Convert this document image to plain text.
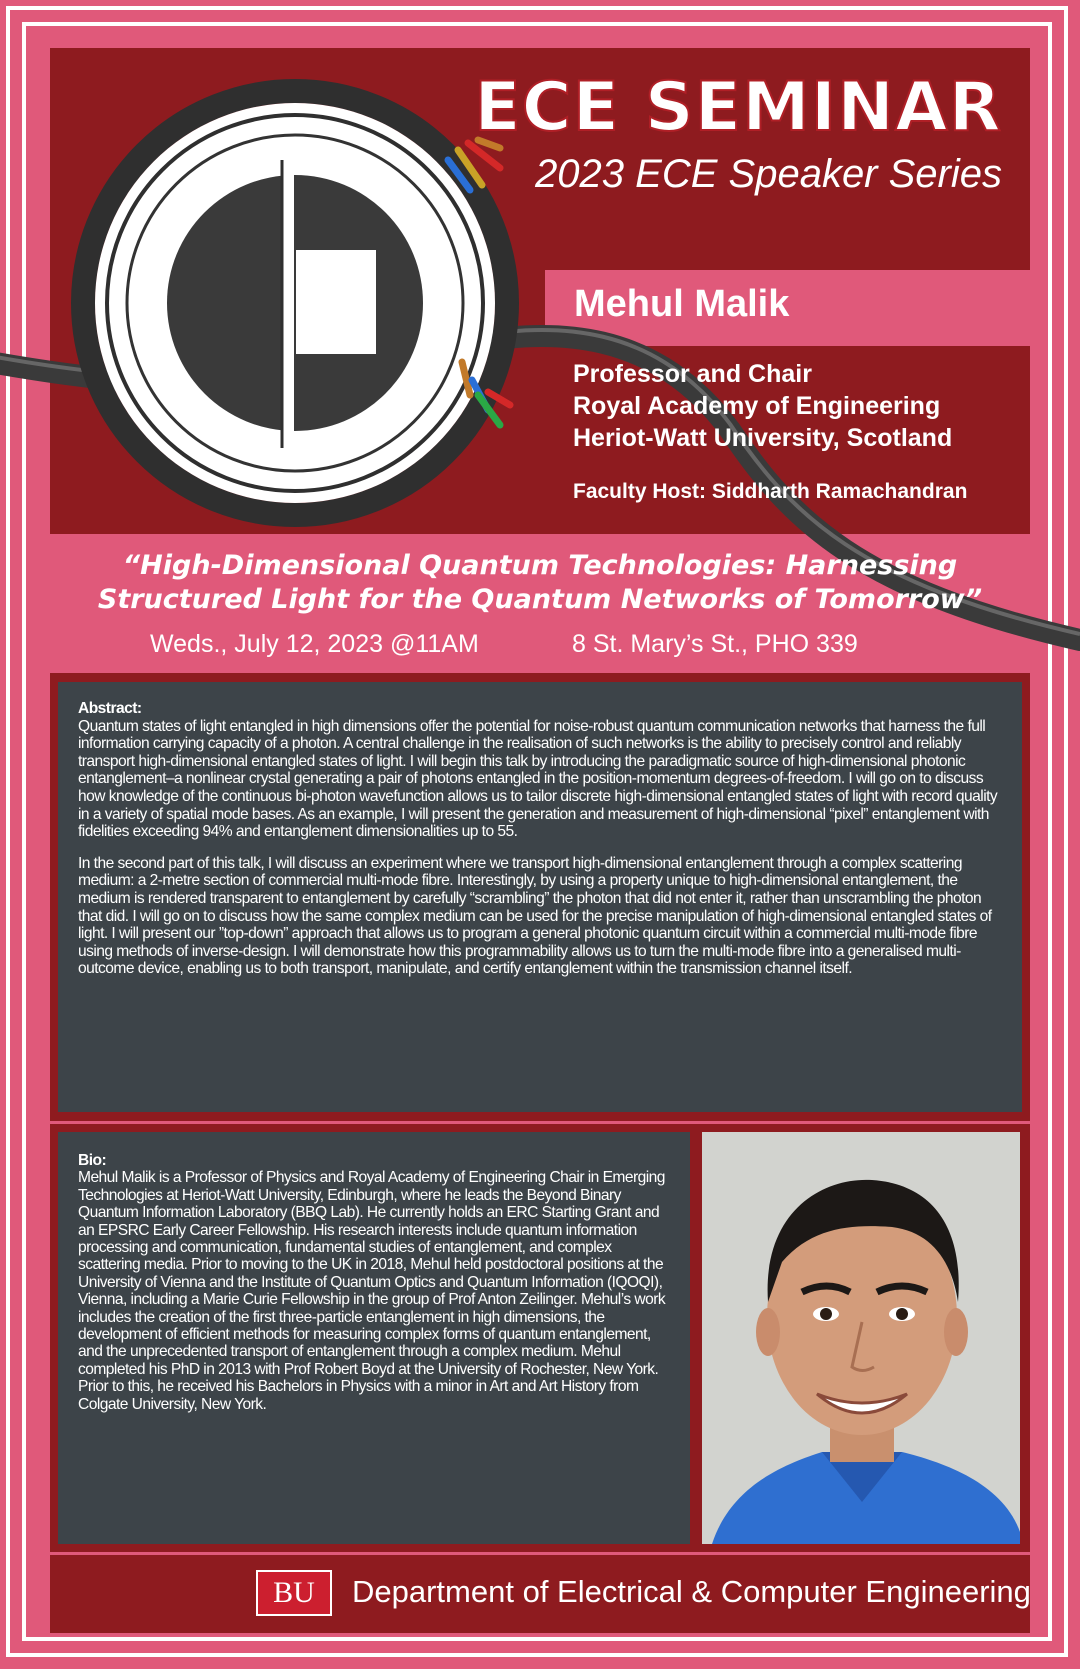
ECE SEMINAR
2023 ECE Speaker Series
Mehul Malik
Professor and Chair
Royal Academy of Engineering
Heriot-Watt University, Scotland
Faculty Host: Siddharth Ramachandran
“High-Dimensional Quantum Technologies: Harnessing
Structured Light for the Quantum Networks of Tomorrow”
Weds., July 12, 2023 @11AM	8 St. Mary’s St., PHO 339

Abstract:
Quantum states of light entangled in high dimensions offer the potential for noise-robust quantum communication networks that harness the full information carrying capacity of a photon. A central challenge in the realisation of such networks is the ability to precisely control and reliably transport high-dimensional entangled states of light. I will begin this talk by introducing the paradigmatic source of high-dimensional photonic entanglement–a nonlinear crystal generating a pair of photons entangled in the position-momentum degrees-of-freedom. I will go on to discuss how knowledge of the continuous bi-photon wavefunction allows us to tailor discrete high-dimensional entangled states of light with record quality in a variety of spatial mode bases. As an example, I will present the generation and measurement of high-dimensional “pixel” entanglement with fidelities exceeding 94% and entanglement dimensionalities up to 55.

In the second part of this talk, I will discuss an experiment where we transport high-dimensional entanglement through a complex scattering medium: a 2-metre section of commercial multi-mode fibre. Interestingly, by using a property unique to high-dimensional entanglement, the medium is rendered transparent to entanglement by carefully “scrambling” the photon that did not enter it, rather than unscrambling the photon that did. I will go on to discuss how the same complex medium can be used for the precise manipulation of high-dimensional entangled states of light. I will present our ”top-down” approach that allows us to program a general photonic quantum circuit within a commercial multi-mode fibre using methods of inverse-design. I will demonstrate how this programmability allows us to turn the multi-mode fibre into a generalised multi-outcome device, enabling us to both transport, manipulate, and certify entanglement within the transmission channel itself.

Bio:
Mehul Malik is a Professor of Physics and Royal Academy of Engineering Chair in Emerging Technologies at Heriot-Watt University, Edinburgh, where he leads the Beyond Binary Quantum Information Laboratory (BBQ Lab). He currently holds an ERC Starting Grant and an EPSRC Early Career Fellowship. His research interests include quantum information processing and communication, fundamental studies of entanglement, and complex scattering media. Prior to moving to the UK in 2018, Mehul held postdoctoral positions at the University of Vienna and the Institute of Quantum Optics and Quantum Information (IQOQI), Vienna, including a Marie Curie Fellowship in the group of Prof Anton Zeilinger. Mehul’s work includes the creation of the first three-particle entanglement in high dimensions, the development of efficient methods for measuring complex forms of quantum entanglement, and the unprecedented transport of entanglement through a complex medium. Mehul completed his PhD in 2013 with Prof Robert Boyd at the University of Rochester, New York. Prior to this, he received his Bachelors in Physics with a minor in Art and Art History from Colgate University, New York.

BU	Department of Electrical & Computer Engineering
